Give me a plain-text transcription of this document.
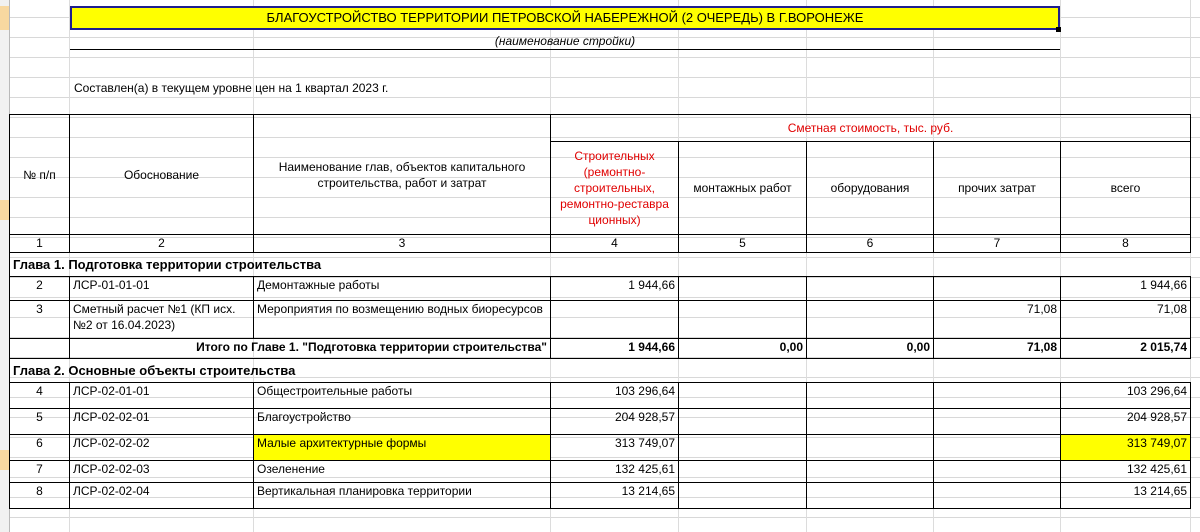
БЛАГОУСТРОЙСТВО ТЕРРИТОРИИ ПЕТРОВСКОЙ НАБЕРЕЖНОЙ (2 ОЧЕРЕДЬ) В Г.ВОРОНЕЖЕ
(наименование стройки)
Составлен(а) в текущем уровне цен на 1 квартал 2023 г.
№ п/п	Обоснование	Наименование глав, объектов капитального строительства, работ и затрат	Сметная стоимость, тыс. руб.				
			Строительных (ремонтно-строительных, ремонтно-реставра ционных)	монтажных работ	оборудования	прочих затрат	всего
1	2	3	4	5	6	7	8
Глава 1. Подготовка территории строительства							
2	ЛСР-01-01-01	Демонтажные работы	1 944,66				1 944,66
3	Сметный расчет №1 (КП исх.№2 от 16.04.2023)	Мероприятия по возмещению водных биоресурсов				71,08	71,08
	Итого по Главе 1. "Подготовка территории строительства"		1 944,66	0,00	0,00	71,08	2 015,74
Глава 2. Основные объекты строительства							
4	ЛСР-02-01-01	Общестроительные работы	103 296,64				103 296,64
5	ЛСР-02-02-01	Благоустройство	204 928,57				204 928,57
6	ЛСР-02-02-02	Малые архитектурные формы	313 749,07				313 749,07
7	ЛСР-02-02-03	Озеленение	132 425,61				132 425,61
8	ЛСР-02-02-04	Вертикальная планировка территории	13 214,65				13 214,65
